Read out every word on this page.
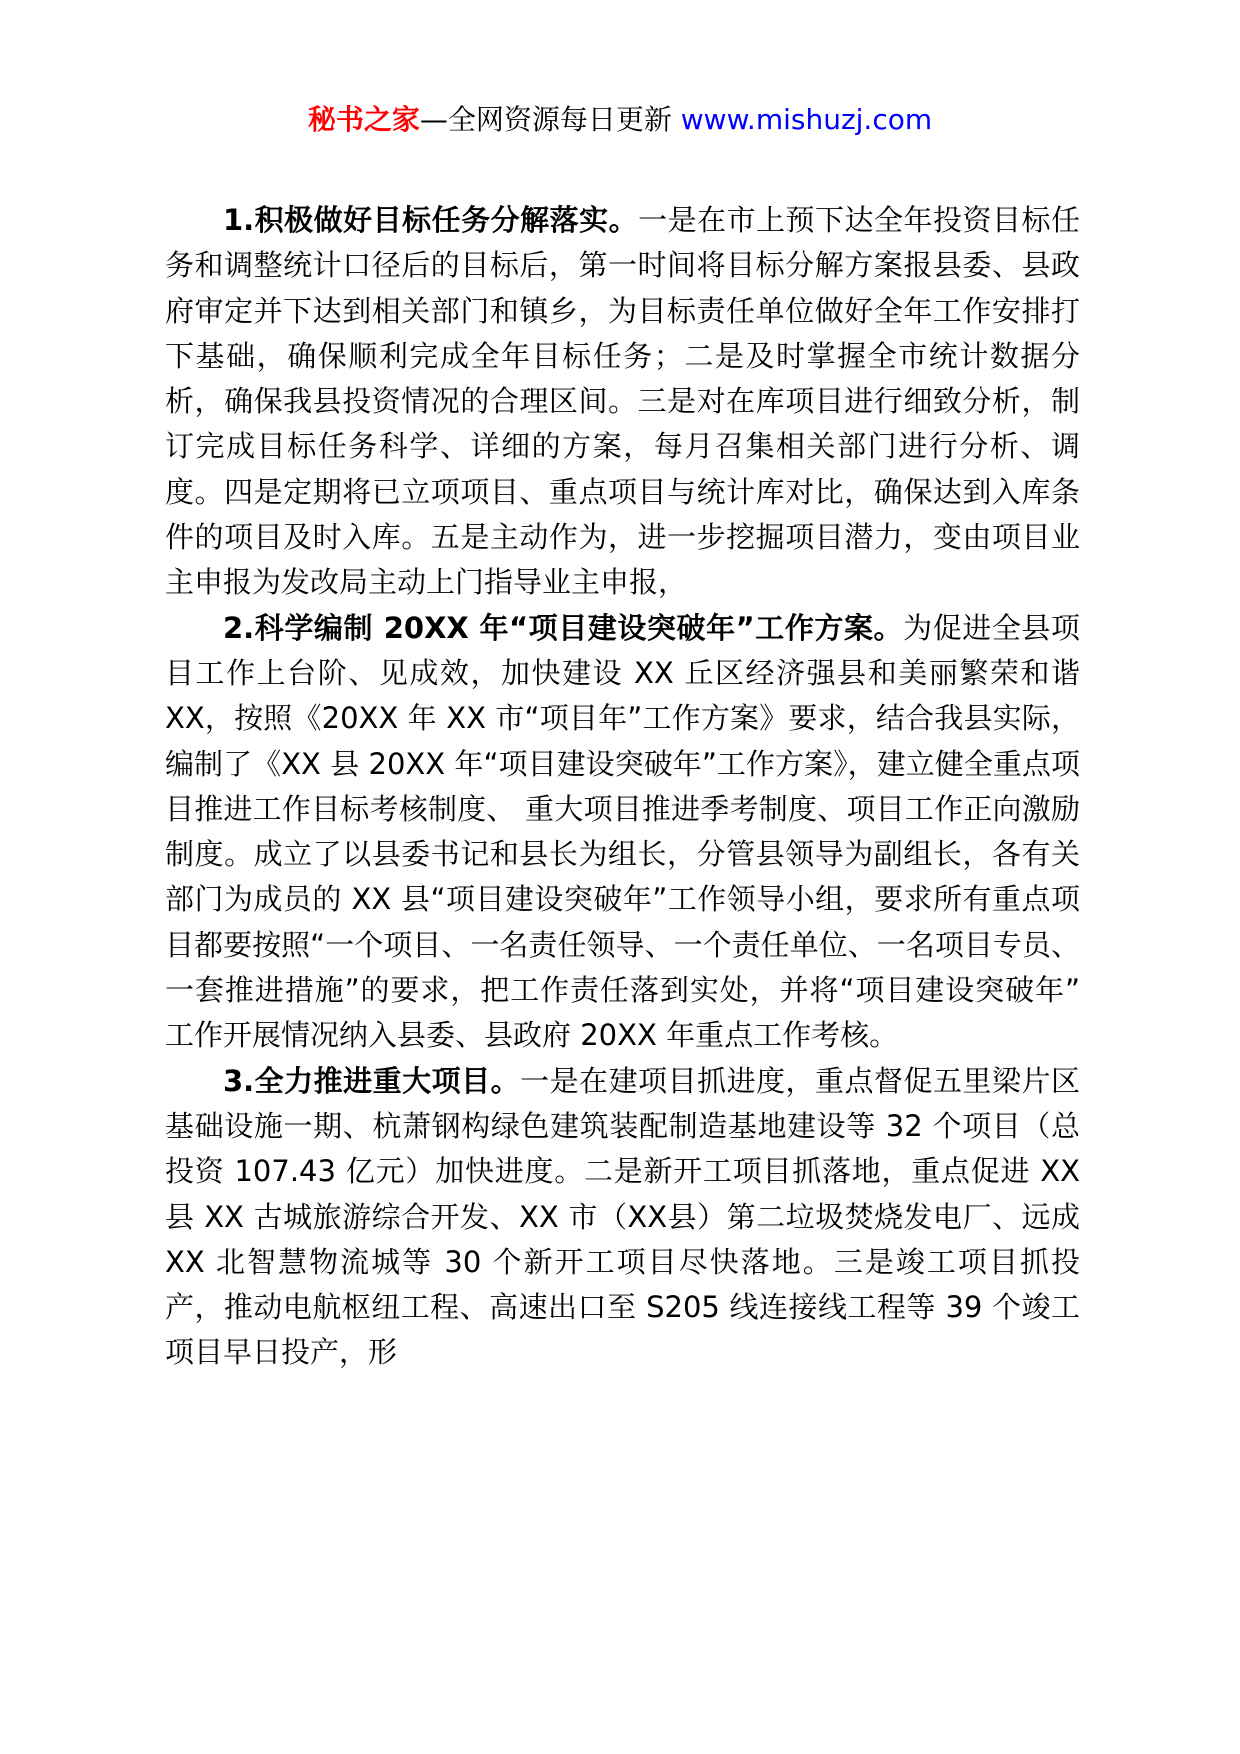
秘书之家—全网资源每日更新 www.mishuzj.com

1.积极做好目标任务分解落实。一是在市上预下达全年投资目标任务和调整统计口径后的目标后，第一时间将目标分解方案报县委、县政府审定并下达到相关部门和镇乡，为目标责任单位做好全年工作安排打下基础，确保顺利完成全年目标任务；二是及时掌握全市统计数据分析，确保我县投资情况的合理区间。三是对在库项目进行细致分析，制订完成目标任务科学、详细的方案，每月召集相关部门进行分析、调度。四是定期将已立项项目、重点项目与统计库对比，确保达到入库条件的项目及时入库。五是主动作为，进一步挖掘项目潜力，变由项目业主申报为发改局主动上门指导业主申报，

2.科学编制 20XX 年“项目建设突破年”工作方案。为促进全县项目工作上台阶、见成效，加快建设 XX 丘区经济强县和美丽繁荣和谐 XX，按照《20XX 年 XX 市“项目年”工作方案》要求，结合我县实际，编制了《XX 县 20XX 年“项目建设突破年”工作方案》，建立健全重点项目推进工作目标考核制度、 重大项目推进季考制度、项目工作正向激励制度。成立了以县委书记和县长为组长，分管县领导为副组长，各有关部门为成员的 XX 县“项目建设突破年”工作领导小组，要求所有重点项目都要按照“一个项目、一名责任领导、一个责任单位、一名项目专员、一套推进措施”的要求，把工作责任落到实处，并将“项目建设突破年” 工作开展情况纳入县委、县政府 20XX 年重点工作考核。

3.全力推进重大项目。一是在建项目抓进度，重点督促五里梁片区基础设施一期、杭萧钢构绿色建筑装配制造基地建设等 32 个项目（总投资 107.43 亿元）加快进度。二是新开工项目抓落地，重点促进 XX 县 XX 古城旅游综合开发、XX 市（XX县）第二垃圾焚烧发电厂、远成 XX 北智慧物流城等 30 个新开工项目尽快落地。三是竣工项目抓投产，推动电航枢纽工程、高速出口至 S205 线连接线工程等 39 个竣工项目早日投产，形
